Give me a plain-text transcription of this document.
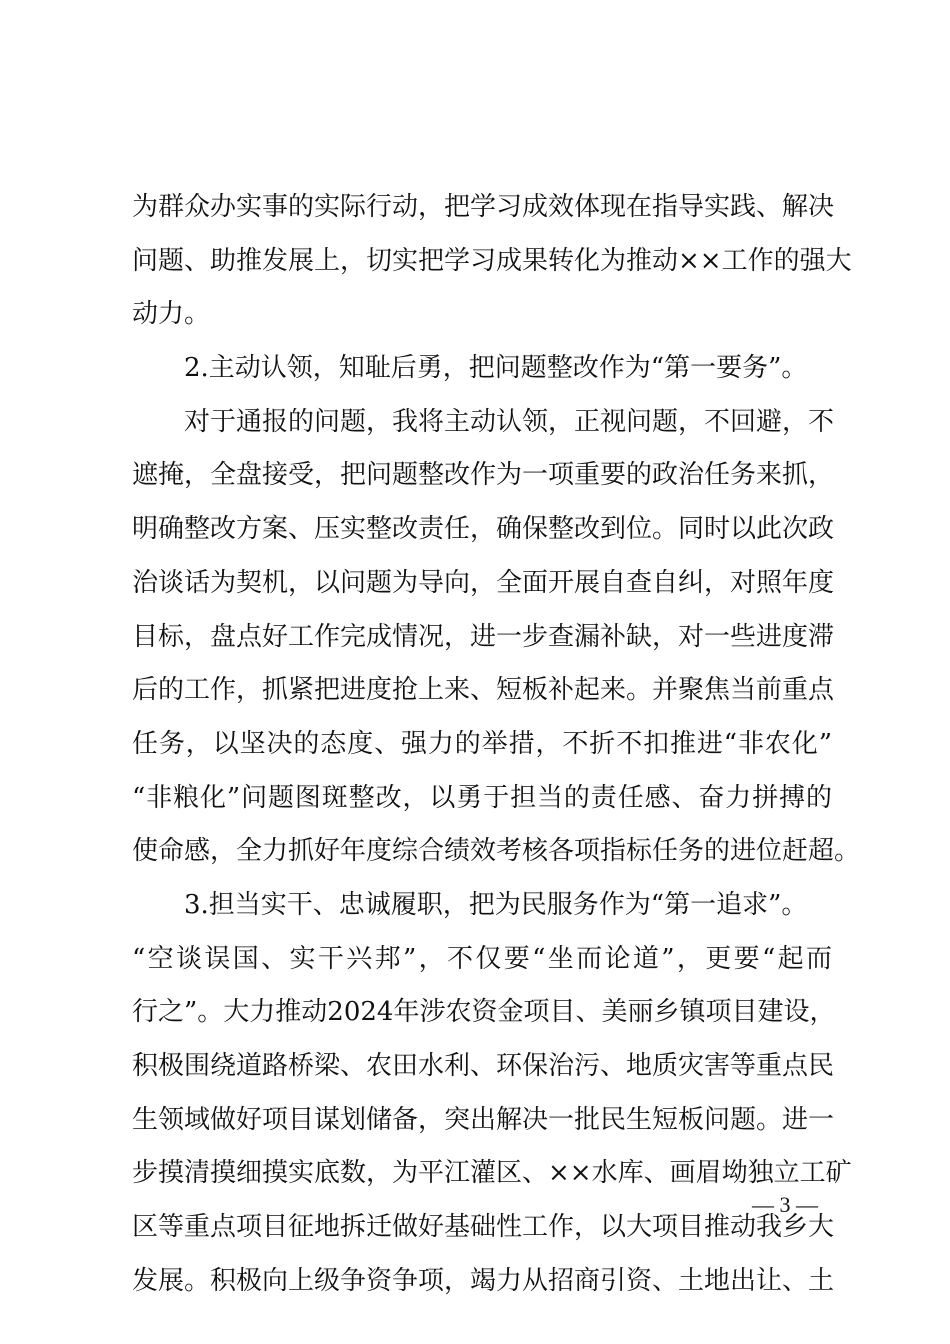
为群众办实事的实际行动，把学习成效体现在指导实践、解决
问题、助推发展上，切实把学习成果转化为推动××工作的强大
动力。
2.主动认领，知耻后勇，把问题整改作为“第一要务”。
对于通报的问题，我将主动认领，正视问题，不回避，不
遮掩，全盘接受，把问题整改作为一项重要的政治任务来抓，
明确整改方案、压实整改责任，确保整改到位。同时以此次政
治谈话为契机，以问题为导向，全面开展自查自纠，对照年度
目标，盘点好工作完成情况，进一步查漏补缺，对一些进度滞
后的工作，抓紧把进度抢上来、短板补起来。并聚焦当前重点
任务，以坚决的态度、强力的举措，不折不扣推进“非农化”
“非粮化”问题图斑整改，以勇于担当的责任感、奋力拼搏的
使命感，全力抓好年度综合绩效考核各项指标任务的进位赶超。
3.担当实干、忠诚履职，把为民服务作为“第一追求”。
“空谈误国、实干兴邦”，不仅要“坐而论道”，更要“起而
行之”。大力推动2024年涉农资金项目、美丽乡镇项目建设，
积极围绕道路桥梁、农田水利、环保治污、地质灾害等重点民
生领域做好项目谋划储备，突出解决一批民生短板问题。进一
步摸清摸细摸实底数，为平江灌区、××水库、画眉坳独立工矿
区等重点项目征地拆迁做好基础性工作，以大项目推动我乡大
发展。积极向上级争资争项，竭力从招商引资、土地出让、土
— 3 —
